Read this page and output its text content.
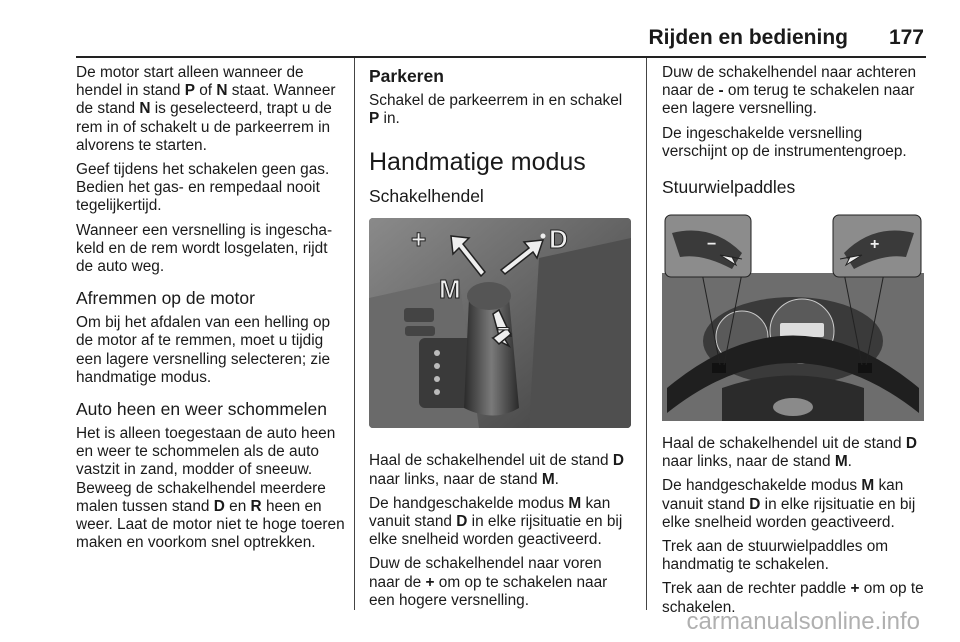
Rijden en bediening 177

De motor start alleen wanneer de hendel in stand P of N staat. Wanneer de stand N is geselecteerd, trapt u de rem in of schakelt u de parkeerrem in alvorens te starten.

Geef tijdens het schakelen geen gas. Bedien het gas- en rempedaal nooit tegelijkertijd.

Wanneer een versnelling is ingeschakeld en de rem wordt losgelaten, rijdt de auto weg.

Afremmen op de motor

Om bij het afdalen van een helling op de motor af te remmen, moet u tijdig een lagere versnelling selecteren; zie handmatige modus.

Auto heen en weer schommelen

Het is alleen toegestaan de auto heen en weer te schommelen als de auto vastzit in zand, modder of sneeuw. Beweeg de schakelhendel meerdere malen tussen stand D en R heen en weer. Laat de motor niet te hoge toeren maken en voorkom snel optrekken.

Parkeren

Schakel de parkeerrem in en schakel P in.

Handmatige modus
Schakelhendel
+	D
M
−

Haal de schakelhendel uit de stand D naar links, naar de stand M.

De handgeschakelde modus M kan vanuit stand D in elke rijsituatie en bij elke snelheid worden geactiveerd.

Duw de schakelhendel naar voren naar de + om op te schakelen naar een hogere versnelling.

Duw de schakelhendel naar achteren naar de - om terug te schakelen naar een lagere versnelling.

De ingeschakelde versnelling verschijnt op de instrumentengroep.

Stuurwielpaddles
−	+

Haal de schakelhendel uit de stand D naar links, naar de stand M.

De handgeschakelde modus M kan vanuit stand D in elke rijsituatie en bij elke snelheid worden geactiveerd.

Trek aan de stuurwielpaddles om handmatig te schakelen.

Trek aan de rechter paddle + om op te schakelen.

carmanualsonline.info
